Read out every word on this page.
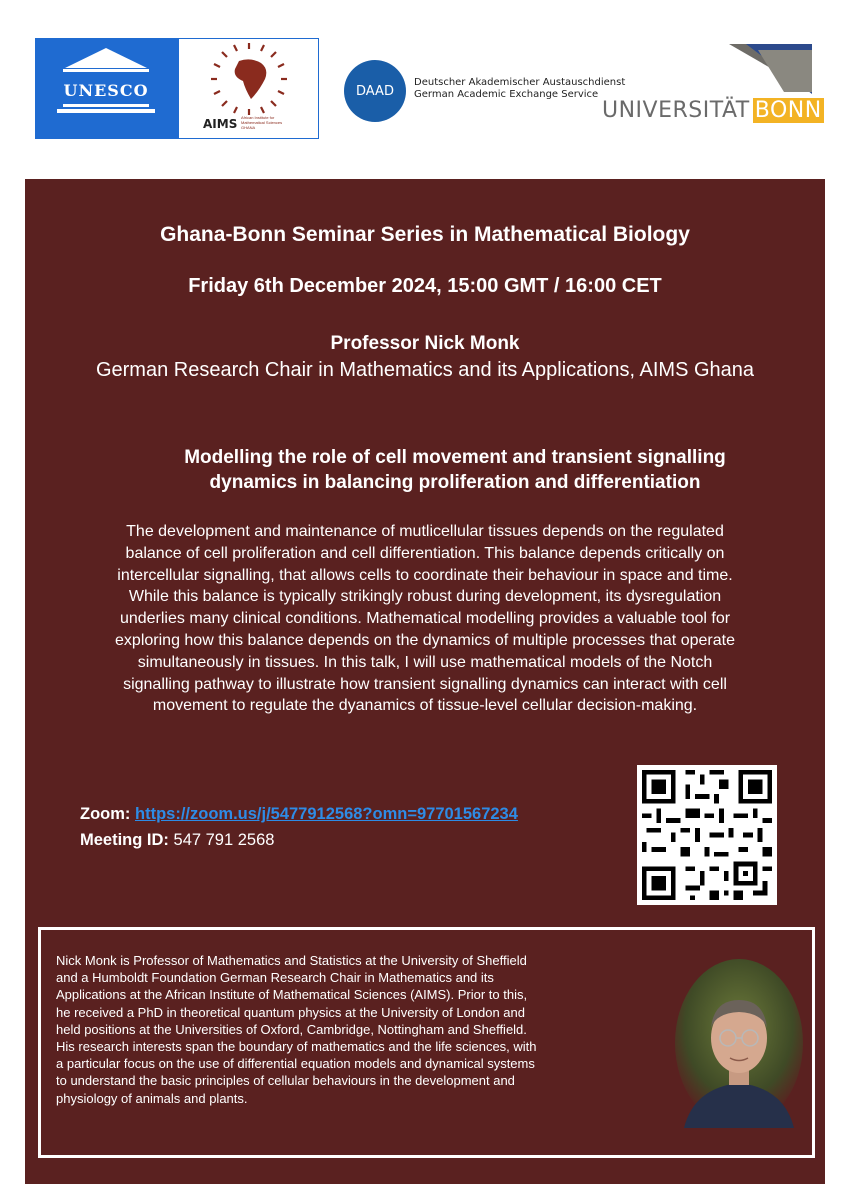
UNESCO
AIMS African Institute for
Mathematical Sciences
GHANA
DAAD
Deutscher Akademischer Austauschdienst
German Academic Exchange Service
UNIVERSITÄT BONN
Ghana-Bonn Seminar Series in Mathematical Biology
Friday 6th December 2024, 15:00 GMT / 16:00 CET
Professor Nick Monk
German Research Chair in Mathematics and its Applications, AIMS Ghana
Modelling the role of cell movement and transient signalling
dynamics in balancing proliferation and differentiation
The development and maintenance of mutlicellular tissues depends on the regulated
balance of cell proliferation and cell differentiation. This balance depends critically on
intercellular signalling, that allows cells to coordinate their behaviour in space and time.
While this balance is typically strikingly robust during development, its dysregulation
underlies many clinical conditions. Mathematical modelling provides a valuable tool for
exploring how this balance depends on the dynamics of multiple processes that operate
simultaneously in tissues. In this talk, I will use mathematical models of the Notch
signalling pathway to illustrate how transient signalling dynamics can interact with cell
movement to regulate the dyanamics of tissue-level cellular decision-making.
Zoom: https://zoom.us/j/5477912568?omn=97701567234
Meeting ID: 547 791 2568
Nick Monk is Professor of Mathematics and Statistics at the University of Sheffield
and a Humboldt Foundation German Research Chair in Mathematics and its
Applications at the African Institute of Mathematical Sciences (AIMS). Prior to this,
he received a PhD in theoretical quantum physics at the University of London and
held positions at the Universities of Oxford, Cambridge, Nottingham and Sheffield.
His research interests span the boundary of mathematics and the life sciences, with
a particular focus on the use of differential equation models and dynamical systems
to understand the basic principles of cellular behaviours in the development and
physiology of animals and plants.
